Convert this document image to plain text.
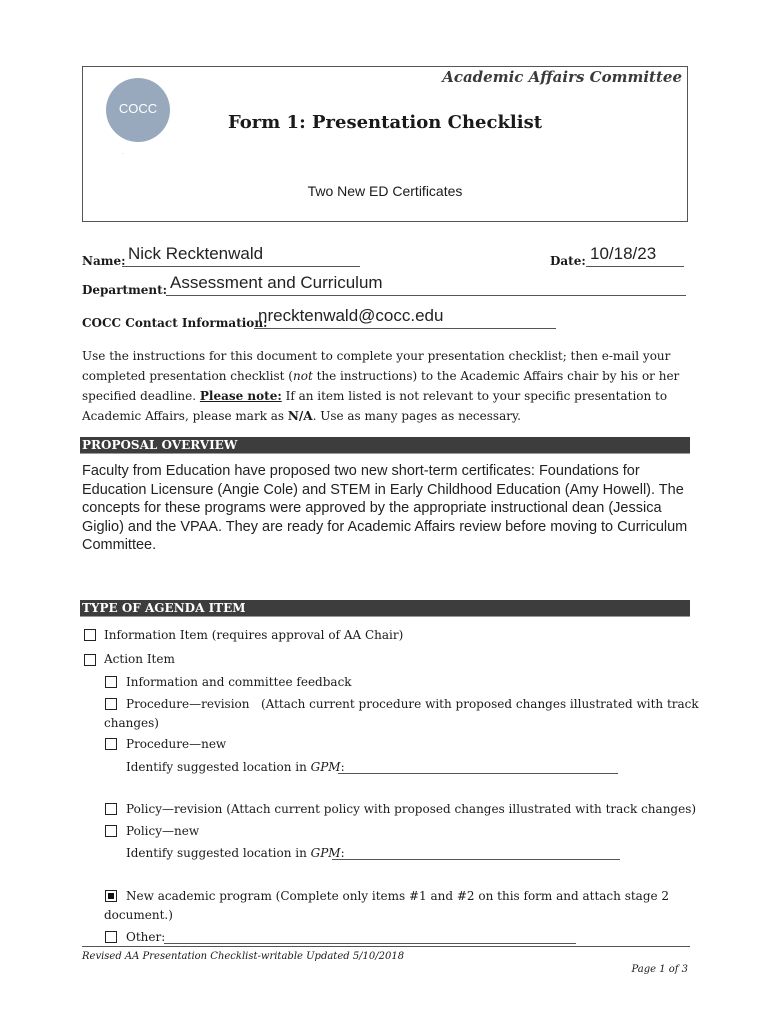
COCC
Academic Affairs Committee
Form 1: Presentation Checklist
Two New ED Certificates
Name: Nick Recktenwald	Date: 10/18/23
Department: Assessment and Curriculum
COCC Contact Information:
nrecktenwald@cocc.edu
Use the instructions for this document to complete your presentation checklist; then e-mail your completed presentation checklist (not the instructions) to the Academic Affairs chair by his or her specified deadline. Please note: If an item listed is not relevant to your specific presentation to Academic Affairs, please mark as N/A. Use as many pages as necessary.
PROPOSAL OVERVIEW
Faculty from Education have proposed two new short-term certificates: Foundations for Education Licensure (Angie Cole) and STEM in Early Childhood Education (Amy Howell). The concepts for these programs were approved by the appropriate instructional dean (Jessica Giglio) and the VPAA. They are ready for Academic Affairs review before moving to Curriculum Committee.
TYPE OF AGENDA ITEM
Information Item (requires approval of AA Chair)
Action Item
Information and committee feedback
Procedure—revision   (Attach current procedure with proposed changes illustrated with track
changes)
Procedure—new
Identify suggested location in GPM:
Policy—revision (Attach current policy with proposed changes illustrated with track changes)
Policy—new
Identify suggested location in GPM:
New academic program (Complete only items #1 and #2 on this form and attach stage 2
document.)
Other:
Revised AA Presentation Checklist-writable Updated 5/10/2018
Page 1 of 3
